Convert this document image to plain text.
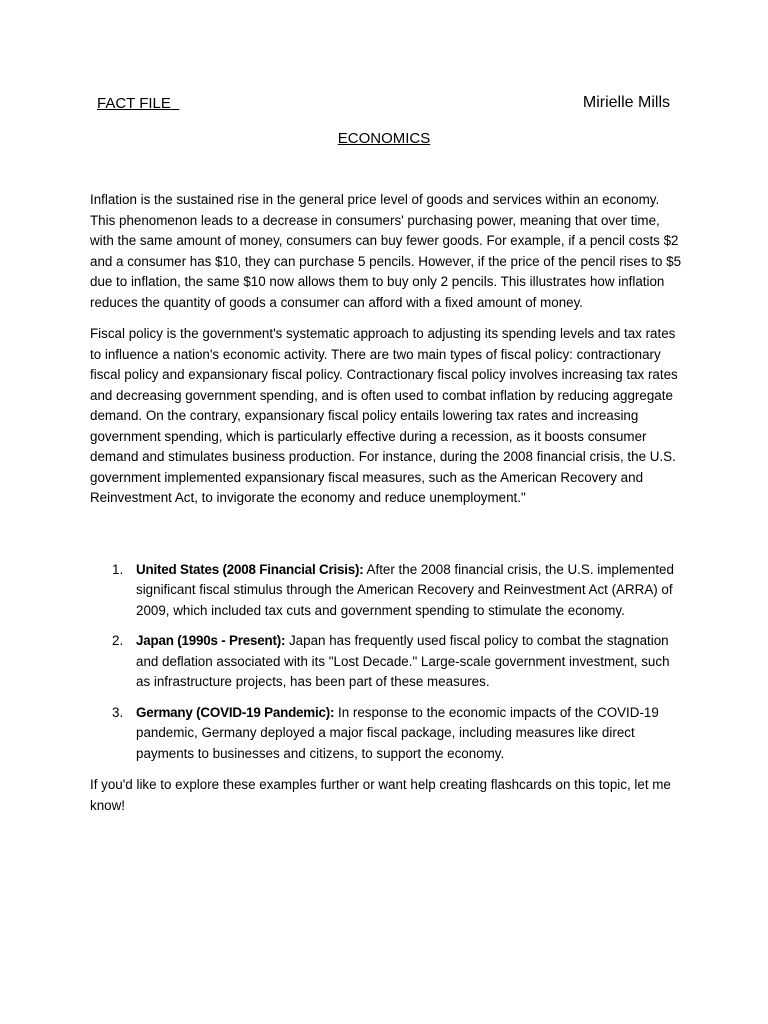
FACT FILE	Mirielle Mills
ECONOMICS

Inflation is the sustained rise in the general price level of goods and services within an economy. This phenomenon leads to a decrease in consumers' purchasing power, meaning that over time, with the same amount of money, consumers can buy fewer goods. For example, if a pencil costs $2 and a consumer has $10, they can purchase 5 pencils. However, if the price of the pencil rises to $5 due to inflation, the same $10 now allows them to buy only 2 pencils. This illustrates how inflation reduces the quantity of goods a consumer can afford with a fixed amount of money.

Fiscal policy is the government's systematic approach to adjusting its spending levels and tax rates to influence a nation's economic activity. There are two main types of fiscal policy: contractionary fiscal policy and expansionary fiscal policy. Contractionary fiscal policy involves increasing tax rates and decreasing government spending, and is often used to combat inflation by reducing aggregate demand. On the contrary, expansionary fiscal policy entails lowering tax rates and increasing government spending, which is particularly effective during a recession, as it boosts consumer demand and stimulates business production. For instance, during the 2008 financial crisis, the U.S. government implemented expansionary fiscal measures, such as the American Recovery and Reinvestment Act, to invigorate the economy and reduce unemployment."

1. United States (2008 Financial Crisis): After the 2008 financial crisis, the U.S. implemented significant fiscal stimulus through the American Recovery and Reinvestment Act (ARRA) of 2009, which included tax cuts and government spending to stimulate the economy.
2. Japan (1990s - Present): Japan has frequently used fiscal policy to combat the stagnation and deflation associated with its "Lost Decade." Large-scale government investment, such as infrastructure projects, has been part of these measures.
3. Germany (COVID-19 Pandemic): In response to the economic impacts of the COVID-19 pandemic, Germany deployed a major fiscal package, including measures like direct payments to businesses and citizens, to support the economy.

If you'd like to explore these examples further or want help creating flashcards on this topic, let me know!
